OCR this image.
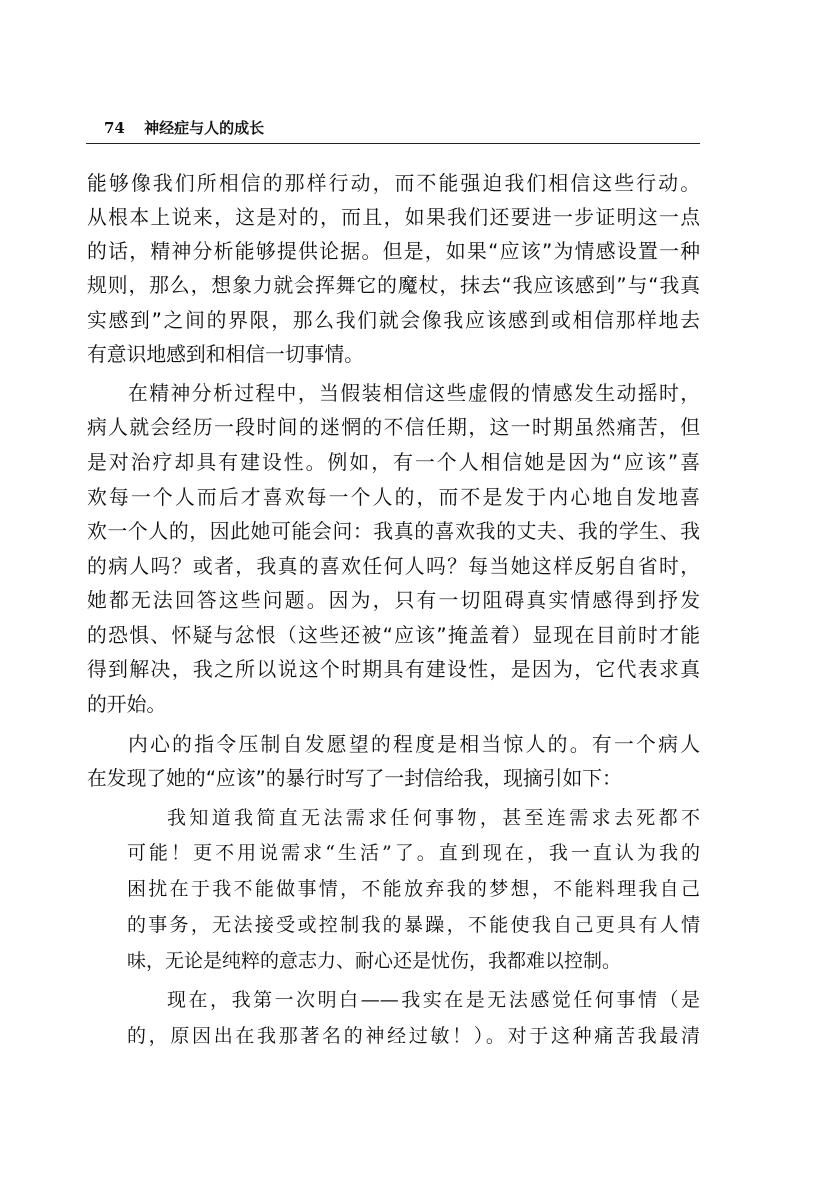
74 神经症与人的成长
能够像我们所相信的那样行动，而不能强迫我们相信这些行动。
从根本上说来，这是对的，而且，如果我们还要进一步证明这一点
的话，精神分析能够提供论据。但是，如果“应该”为情感设置一种
规则，那么，想象力就会挥舞它的魔杖，抹去“我应该感到”与“我真
实感到”之间的界限，那么我们就会像我应该感到或相信那样地去
有意识地感到和相信一切事情。
在精神分析过程中，当假装相信这些虚假的情感发生动摇时，
病人就会经历一段时间的迷惘的不信任期，这一时期虽然痛苦，但
是对治疗却具有建设性。例如，有一个人相信她是因为“应该”喜
欢每一个人而后才喜欢每一个人的，而不是发于内心地自发地喜
欢一个人的，因此她可能会问：我真的喜欢我的丈夫、我的学生、我
的病人吗？或者，我真的喜欢任何人吗？每当她这样反躬自省时，
她都无法回答这些问题。因为，只有一切阻碍真实情感得到抒发
的恐惧、怀疑与忿恨（这些还被“应该”掩盖着）显现在目前时才能
得到解决，我之所以说这个时期具有建设性，是因为，它代表求真
的开始。
内心的指令压制自发愿望的程度是相当惊人的。有一个病人
在发现了她的“应该”的暴行时写了一封信给我，现摘引如下：
我知道我简直无法需求任何事物，甚至连需求去死都不
可能！更不用说需求“生活”了。直到现在，我一直认为我的
困扰在于我不能做事情，不能放弃我的梦想，不能料理我自己
的事务，无法接受或控制我的暴躁，不能使我自己更具有人情
味，无论是纯粹的意志力、耐心还是忧伤，我都难以控制。
现在，我第一次明白——我实在是无法感觉任何事情（是
的，原因出在我那著名的神经过敏！）。对于这种痛苦我最清
